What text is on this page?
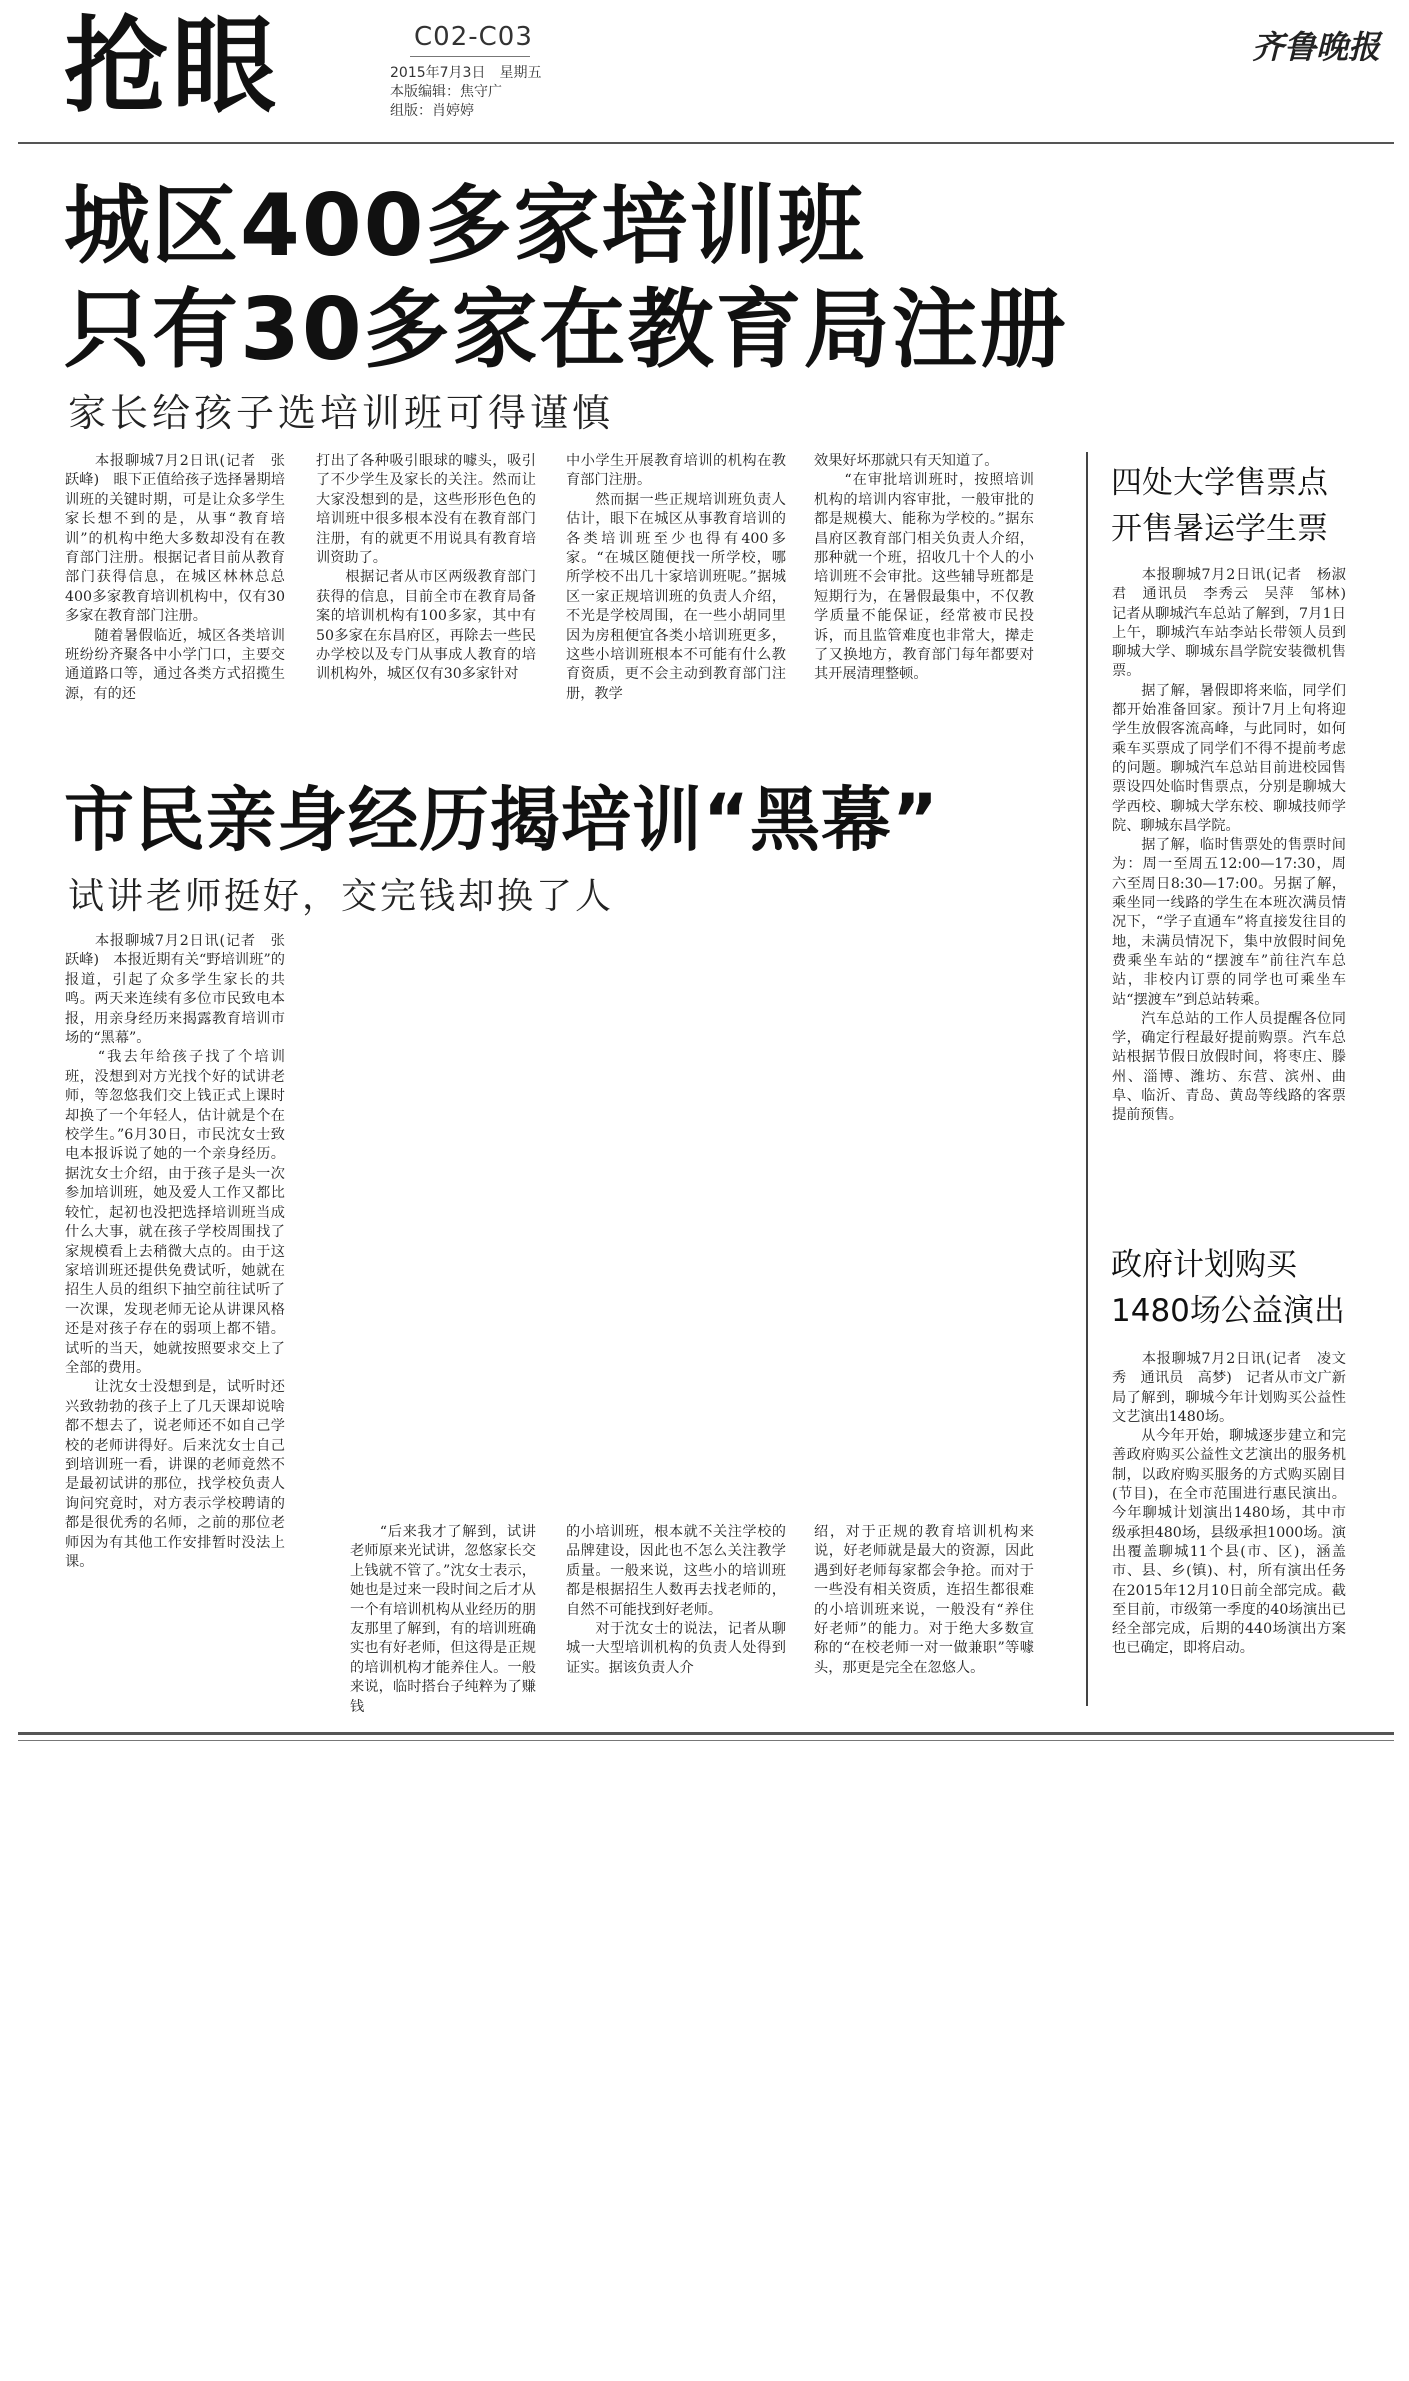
抢眼	C02-C03
2015年7月3日　星期五
本版编辑：焦守广
组版：肖婷婷
齐鲁晚报
城区400多家培训班
只有30多家在教育局注册
家长给孩子选培训班可得谨慎
　　本报聊城7月2日讯(记者　张跃峰)　眼下正值给孩子选择暑期培训班的关键时期，可是让众多学生家长想不到的是，从事“教育培训”的机构中绝大多数却没有在教育部门注册。根据记者目前从教育部门获得信息，在城区林林总总400多家教育培训机构中，仅有30多家在教育部门注册。
　　随着暑假临近，城区各类培训班纷纷齐聚各中小学门口，主要交通道路口等，通过各类方式招揽生源，有的还
打出了各种吸引眼球的噱头，吸引了不少学生及家长的关注。然而让大家没想到的是，这些形形色色的培训班中很多根本没有在教育部门注册，有的就更不用说具有教育培训资助了。
　　根据记者从市区两级教育部门获得的信息，目前全市在教育局备案的培训机构有100多家，其中有50多家在东昌府区，再除去一些民办学校以及专门从事成人教育的培训机构外，城区仅有30多家针对
中小学生开展教育培训的机构在教育部门注册。
　　然而据一些正规培训班负责人估计，眼下在城区从事教育培训的各类培训班至少也得有400多家。“在城区随便找一所学校，哪所学校不出几十家培训班呢。”据城区一家正规培训班的负责人介绍，不光是学校周围，在一些小胡同里因为房租便宜各类小培训班更多，这些小培训班根本不可能有什么教育资质，更不会主动到教育部门注册，教学
效果好坏那就只有天知道了。
　　“在审批培训班时，按照培训机构的培训内容审批，一般审批的都是规模大、能称为学校的。”据东昌府区教育部门相关负责人介绍，那种就一个班，招收几十个人的小培训班不会审批。这些辅导班都是短期行为，在暑假最集中，不仅教学质量不能保证，经常被市民投诉，而且监管难度也非常大，撵走了又换地方，教育部门每年都要对其开展清理整顿。
市民亲身经历揭培训“黑幕”
试讲老师挺好，交完钱却换了人
　　本报聊城7月2日讯(记者　张跃峰)　本报近期有关“野培训班”的报道，引起了众多学生家长的共鸣。两天来连续有多位市民致电本报，用亲身经历来揭露教育培训市场的“黑幕”。
　　“我去年给孩子找了个培训班，没想到对方光找个好的试讲老师，等忽悠我们交上钱正式上课时却换了一个年轻人，估计就是个在校学生。”6月30日，市民沈女士致电本报诉说了她的一个亲身经历。据沈女士介绍，由于孩子是头一次参加培训班，她及爱人工作又都比较忙，起初也没把选择培训班当成什么大事，就在孩子学校周围找了家规模看上去稍微大点的。由于这家培训班还提供免费试听，她就在招生人员的组织下抽空前往试听了一次课，发现老师无论从讲课风格还是对孩子存在的弱项上都不错。试听的当天，她就按照要求交上了全部的费用。
　　让沈女士没想到是，试听时还兴致勃勃的孩子上了几天课却说啥都不想去了，说老师还不如自己学校的老师讲得好。后来沈女士自己到培训班一看，讲课的老师竟然不是最初试讲的那位，找学校负责人询问究竟时，对方表示学校聘请的都是很优秀的名师，之前的那位老师因为有其他工作安排暂时没法上课。
　　“后来我才了解到，试讲老师原来光试讲，忽悠家长交上钱就不管了。”沈女士表示，她也是过来一段时间之后才从一个有培训机构从业经历的朋友那里了解到，有的培训班确实也有好老师，但这得是正规的培训机构才能养住人。一般来说，临时搭台子纯粹为了赚钱
的小培训班，根本就不关注学校的品牌建设，因此也不怎么关注教学质量。一般来说，这些小的培训班都是根据招生人数再去找老师的，自然不可能找到好老师。
　　对于沈女士的说法，记者从聊城一大型培训机构的负责人处得到证实。据该负责人介
绍，对于正规的教育培训机构来说，好老师就是最大的资源，因此遇到好老师每家都会争抢。而对于一些没有相关资质，连招生都很难的小培训班来说，一般没有“养住好老师”的能力。对于绝大多数宣称的“在校老师一对一做兼职”等噱头，那更是完全在忽悠人。
四处大学售票点
开售暑运学生票
　　本报聊城7月2日讯(记者　杨淑君　通讯员　李秀云　吴萍　邹林)　记者从聊城汽车总站了解到，7月1日上午，聊城汽车站李站长带领人员到聊城大学、聊城东昌学院安装微机售票。
　　据了解，暑假即将来临，同学们都开始准备回家。预计7月上旬将迎学生放假客流高峰，与此同时，如何乘车买票成了同学们不得不提前考虑的问题。聊城汽车总站目前进校园售票设四处临时售票点，分别是聊城大学西校、聊城大学东校、聊城技师学院、聊城东昌学院。
　　据了解，临时售票处的售票时间为：周一至周五12:00—17:30，周六至周日8:30—17:00。另据了解，乘坐同一线路的学生在本班次满员情况下，“学子直通车”将直接发往目的地，未满员情况下，集中放假时间免费乘坐车站的“摆渡车”前往汽车总站，非校内订票的同学也可乘坐车站“摆渡车”到总站转乘。
　　汽车总站的工作人员提醒各位同学，确定行程最好提前购票。汽车总站根据节假日放假时间，将枣庄、滕州、淄博、潍坊、东营、滨州、曲阜、临沂、青岛、黄岛等线路的客票提前预售。
政府计划购买
1480场公益演出
　　本报聊城7月2日讯(记者　凌文秀　通讯员　高梦)　记者从市文广新局了解到，聊城今年计划购买公益性文艺演出1480场。
　　从今年开始，聊城逐步建立和完善政府购买公益性文艺演出的服务机制，以政府购买服务的方式购买剧目(节目)，在全市范围进行惠民演出。今年聊城计划演出1480场，其中市级承担480场，县级承担1000场。演出覆盖聊城11个县(市、区)，涵盖市、县、乡(镇)、村，所有演出任务在2015年12月10日前全部完成。截至目前，市级第一季度的40场演出已经全部完成，后期的440场演出方案也已确定，即将启动。
